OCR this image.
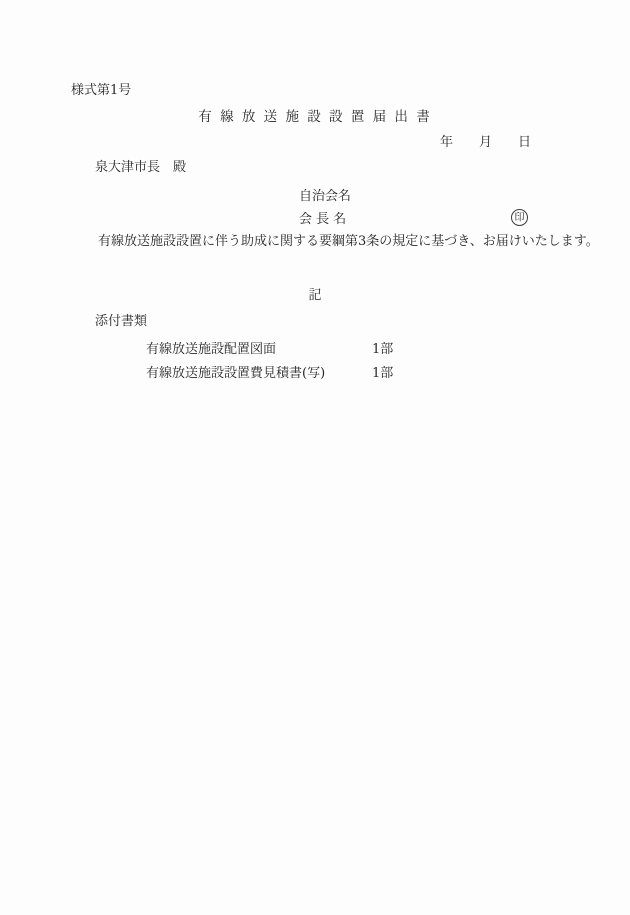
様式第1号
有 線 放 送 施 設 設 置 届 出 書
年　　月　　日
泉大津市長　殿
自治会名
会 長 名	印
有線放送施設設置に伴う助成に関する要綱第3条の規定に基づき、お届けいたします。
記
添付書類
有線放送施設配置図面	1部
有線放送施設設置費見積書(写)	1部
